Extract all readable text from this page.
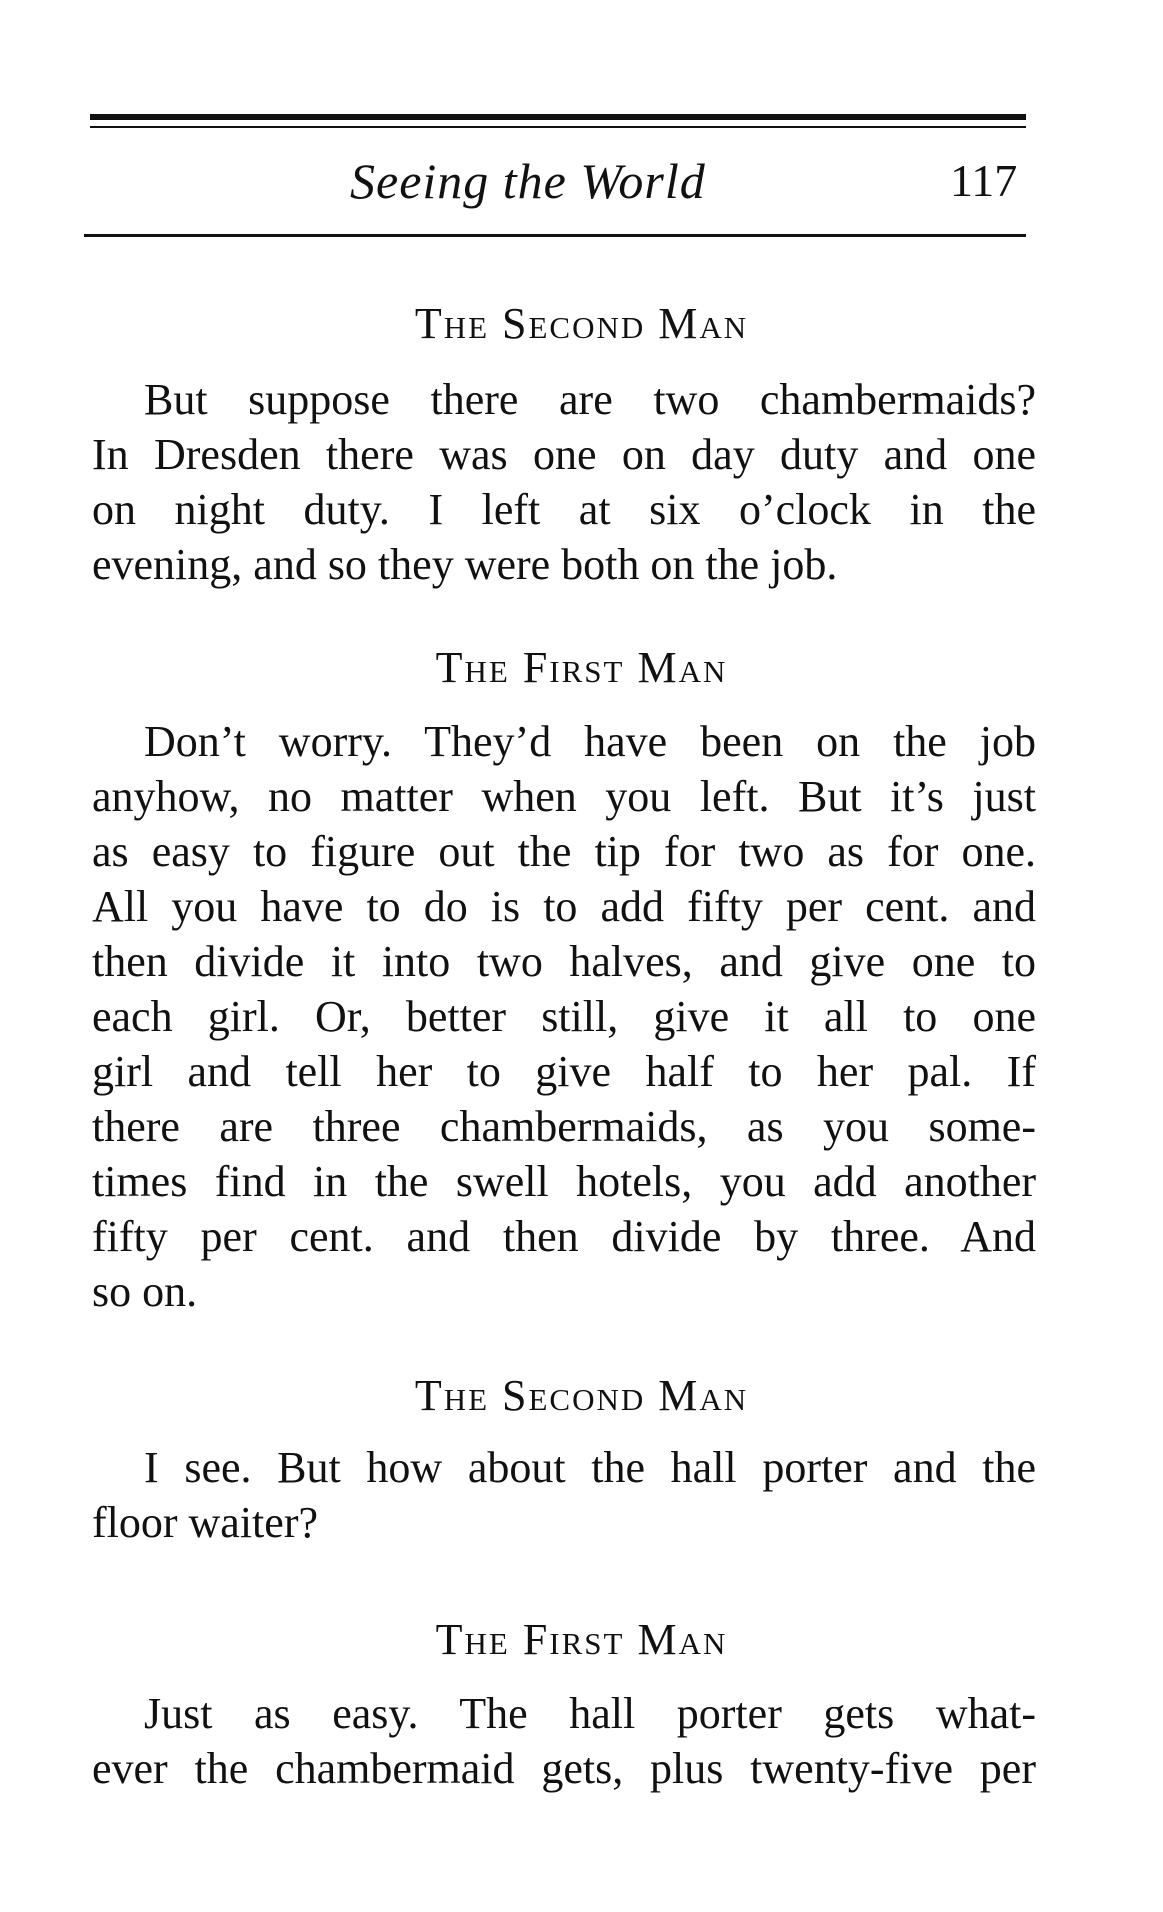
Seeing the World	117
The Second Man
But suppose there are two chambermaids?
In Dresden there was one on day duty and one
on night duty. I left at six o’clock in the
evening, and so they were both on the job.
The First Man
Don’t worry. They’d have been on the job
anyhow, no matter when you left. But it’s just
as easy to figure out the tip for two as for one.
All you have to do is to add fifty per cent. and
then divide it into two halves, and give one to
each girl. Or, better still, give it all to one
girl and tell her to give half to her pal. If
there are three chambermaids, as you some-
times find in the swell hotels, you add another
fifty per cent. and then divide by three. And
so on.
The Second Man
I see. But how about the hall porter and the
floor waiter?
The First Man
Just as easy. The hall porter gets what-
ever the chambermaid gets, plus twenty-five per
